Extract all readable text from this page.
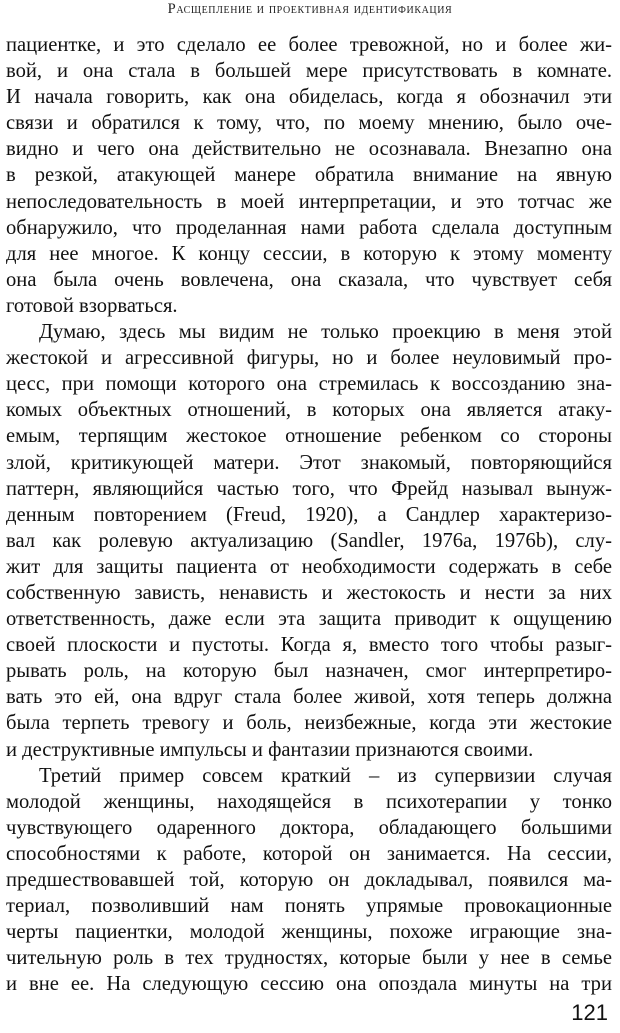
Расщепление и проективная идентификация
пациентке, и это сделало ее более тревожной, но и более жи-
вой, и она стала в большей мере присутствовать в комнате.
И начала говорить, как она обиделась, когда я обозначил эти
связи и обратился к тому, что, по моему мнению, было оче-
видно и чего она действительно не осознавала. Внезапно она
в резкой, атакующей манере обратила внимание на явную
непоследовательность в моей интерпретации, и это тотчас же
обнаружило, что проделанная нами работа сделала доступным
для нее многое. К концу сессии, в которую к этому моменту
она была очень вовлечена, она сказала, что чувствует себя
готовой взорваться.
Думаю, здесь мы видим не только проекцию в меня этой
жестокой и агрессивной фигуры, но и более неуловимый про-
цесс, при помощи которого она стремилась к воссозданию зна-
комых объектных отношений, в которых она является атаку-
емым, терпящим жестокое отношение ребенком со стороны
злой, критикующей матери. Этот знакомый, повторяющийся
паттерн, являющийся частью того, что Фрейд называл вынуж-
денным повторением (Freud, 1920), а Сандлер характеризо-
вал как ролевую актуализацию (Sandler, 1976a, 1976b), слу-
жит для защиты пациента от необходимости содержать в себе
собственную зависть, ненависть и жестокость и нести за них
ответственность, даже если эта защита приводит к ощущению
своей плоскости и пустоты. Когда я, вместо того чтобы разыг-
рывать роль, на которую был назначен, смог интерпретиро-
вать это ей, она вдруг стала более живой, хотя теперь должна
была терпеть тревогу и боль, неизбежные, когда эти жестокие
и деструктивные импульсы и фантазии признаются своими.
Третий пример совсем краткий – из супервизии случая
молодой женщины, находящейся в психотерапии у тонко
чувствующего одаренного доктора, обладающего большими
способностями к работе, которой он занимается. На сессии,
предшествовавшей той, которую он докладывал, появился ма-
териал, позволивший нам понять упрямые провокационные
черты пациентки, молодой женщины, похоже играющие зна-
чительную роль в тех трудностях, которые были у нее в семье
и вне ее. На следующую сессию она опоздала минуты на три
121
